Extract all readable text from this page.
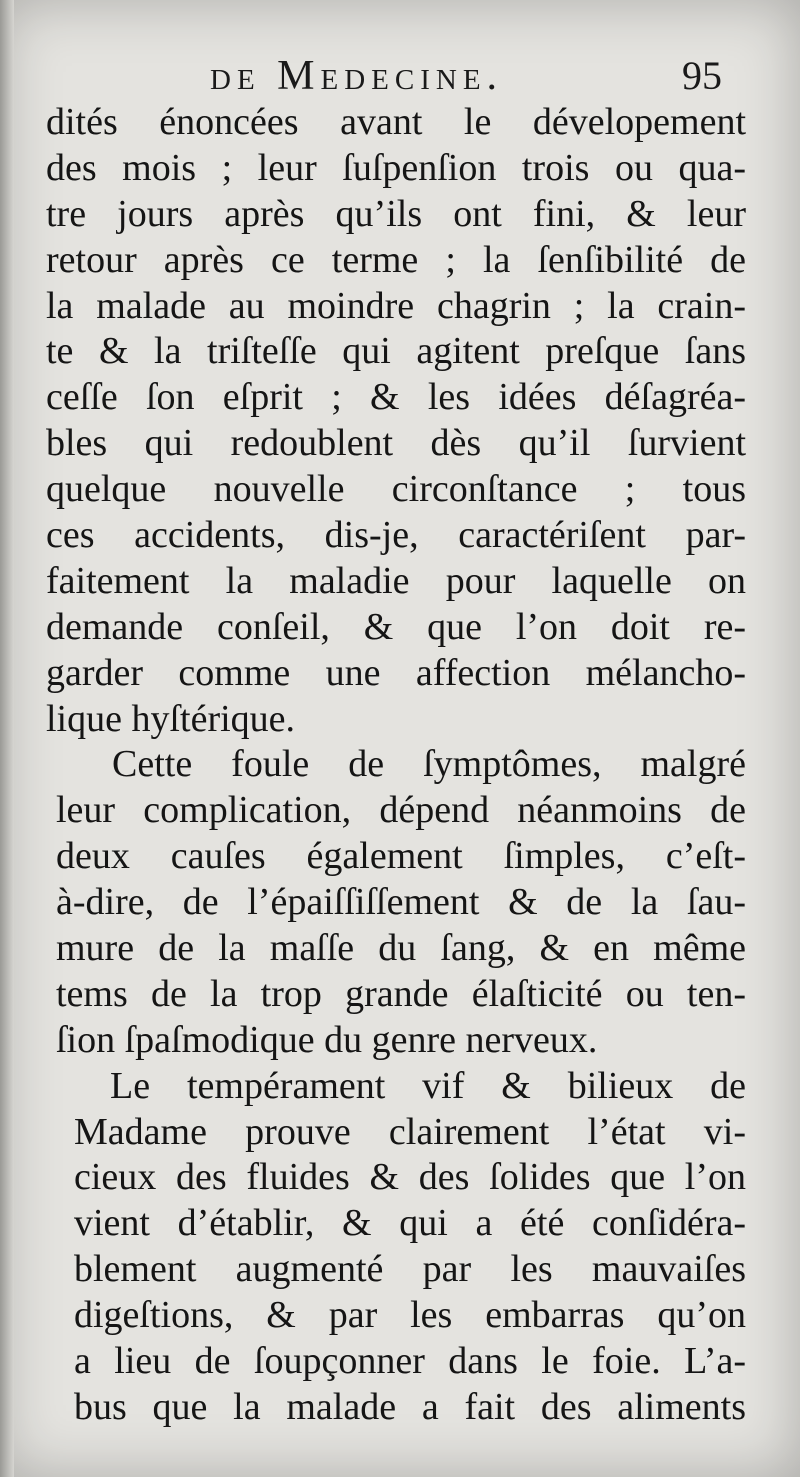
de Medecine.	95
dités énoncées avant le dévelopement
des mois ; leur ſuſpenſion trois ou qua-
tre jours après qu’ils ont fini, & leur
retour après ce terme ; la ſenſibilité de
la malade au moindre chagrin ; la crain-
te & la triſteſſe qui agitent preſque ſans
ceſſe ſon eſprit ; & les idées déſagréa-
bles qui redoublent dès qu’il ſurvient
quelque nouvelle circonſtance ; tous
ces accidents, dis-je, caractériſent par-
faitement la maladie pour laquelle on
demande conſeil, & que l’on doit re-
garder comme une affection mélancho-
lique hyſtérique.
Cette foule de ſymptômes, malgré
leur complication, dépend néanmoins de
deux cauſes également ſimples, c’eſt-
à-dire, de l’épaiſſiſſement & de la ſau-
mure de la maſſe du ſang, & en même
tems de la trop grande élaſticité ou ten-
ſion ſpaſmodique du genre nerveux.
Le tempérament vif & bilieux de
Madame prouve clairement l’état vi-
cieux des fluides & des ſolides que l’on
vient d’établir, & qui a été conſidéra-
blement augmenté par les mauvaiſes
digeſtions, & par les embarras qu’on
a lieu de ſoupçonner dans le foie. L’a-
bus que la malade a fait des aliments
